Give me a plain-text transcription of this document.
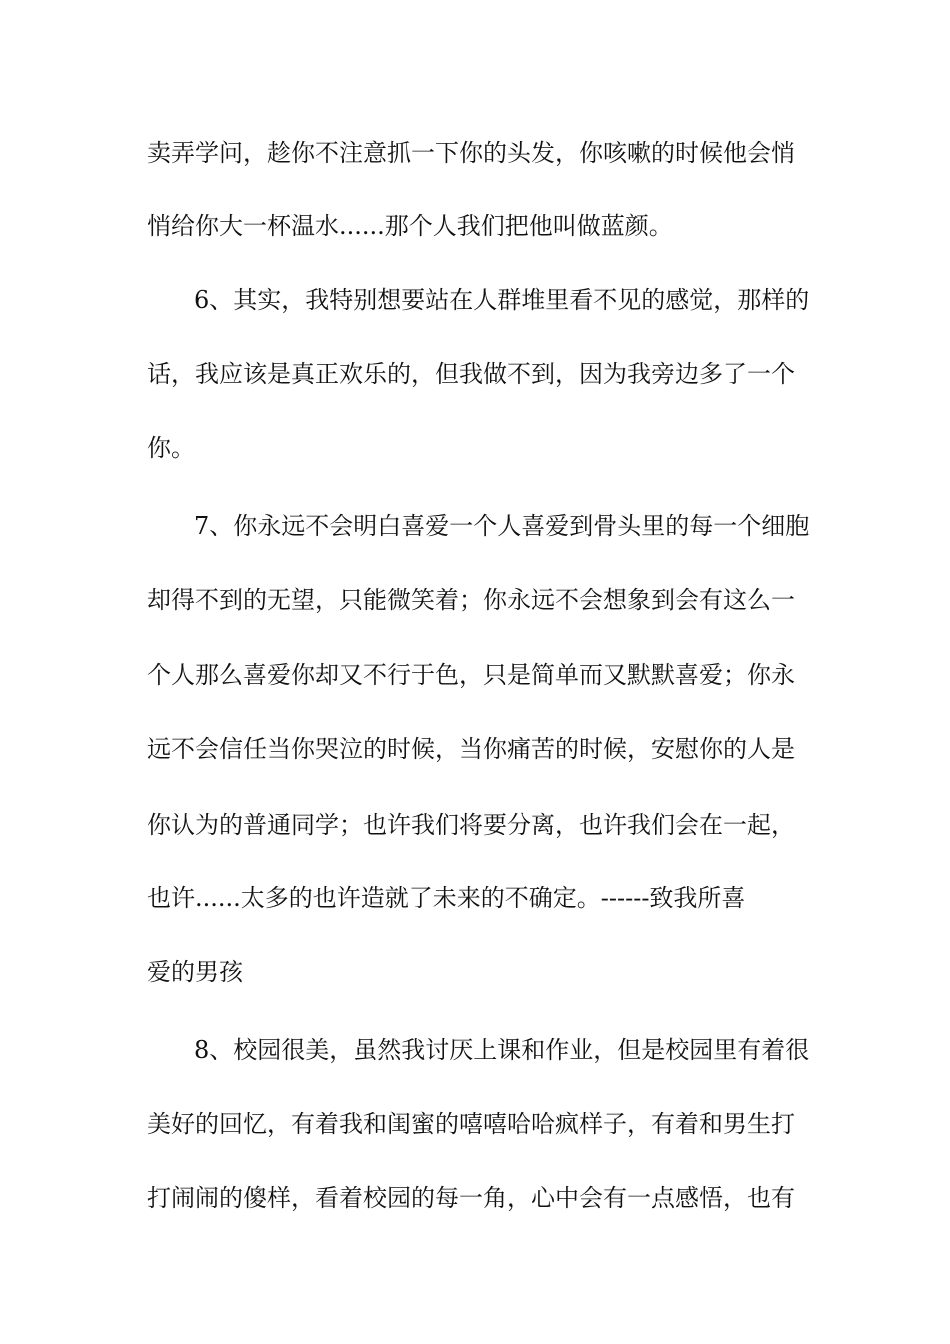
卖弄学问，趁你不注意抓一下你的头发，你咳嗽的时候他会悄
悄给你大一杯温水......那个人我们把他叫做蓝颜。
6、其实，我特别想要站在人群堆里看不见的感觉，那样的
话，我应该是真正欢乐的，但我做不到，因为我旁边多了一个
你。
7、你永远不会明白喜爱一个人喜爱到骨头里的每一个细胞
却得不到的无望，只能微笑着；你永远不会想象到会有这么一
个人那么喜爱你却又不行于色，只是简单而又默默喜爱；你永
远不会信任当你哭泣的时候，当你痛苦的时候，安慰你的人是
你认为的普通同学；也许我们将要分离，也许我们会在一起，
也许......太多的也许造就了未来的不确定。------致我所喜
爱的男孩
8、校园很美，虽然我讨厌上课和作业，但是校园里有着很
美好的回忆，有着我和闺蜜的嘻嘻哈哈疯样子，有着和男生打
打闹闹的傻样，看着校园的每一角，心中会有一点感悟，也有
